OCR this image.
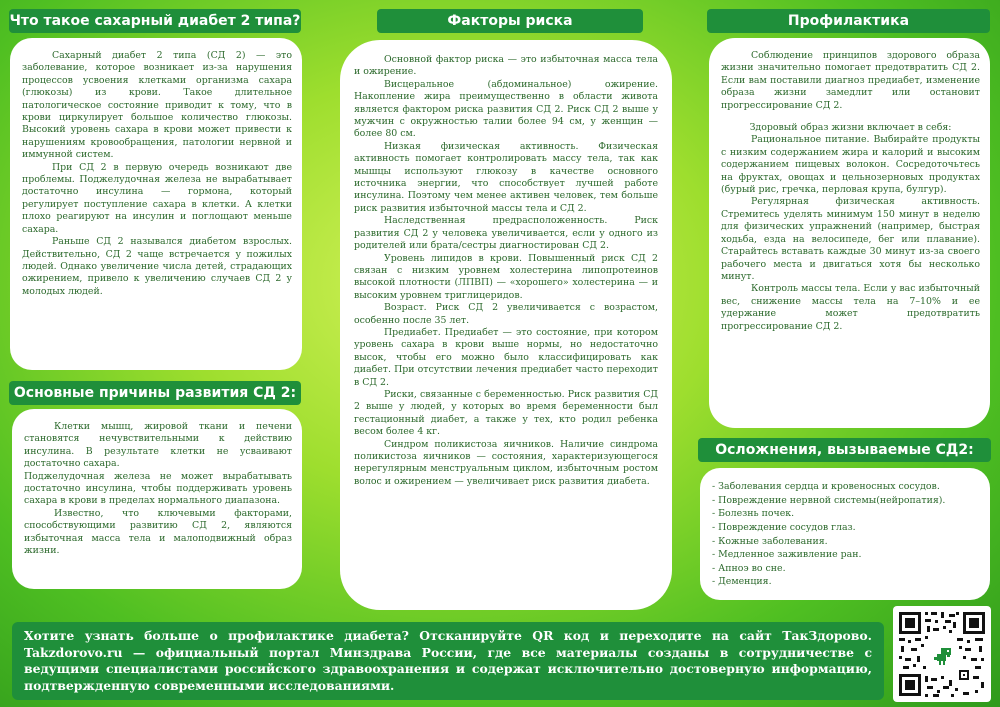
Что такое сахарный диабет 2 типа?

Сахарный диабет 2 типа (СД 2) — это заболевание, которое возникает из-за нарушения процессов усвоения клетками организма сахара (глюкозы) из крови. Такое длительное патологическое состояние приводит к тому, что в крови циркулирует большое количество глюкозы. Высокий уровень сахара в крови может привести к нарушениям кровообращения, патологии нервной и иммунной систем.

При СД 2 в первую очередь возникают две проблемы. Поджелудочная железа не вырабатывает достаточно инсулина — гормона, который регулирует поступление сахара в клетки. А клетки плохо реагируют на инсулин и поглощают меньше сахара.

Раньше СД 2 назывался диабетом взрослых. Действительно, СД 2 чаще встречается у пожилых людей. Однако увеличение числа детей, страдающих ожирением, привело к увеличению случаев СД 2 у молодых людей.

Основные причины развития СД 2:

Клетки мышц, жировой ткани и печени становятся нечувствительными к действию инсулина. В результате клетки не усваивают достаточно сахара.

Поджелудочная железа не может вырабатывать достаточно инсулина, чтобы поддерживать уровень сахара в крови в пределах нормального диапазона.

Известно, что ключевыми факторами, способствующими развитию СД 2, являются избыточная масса тела и малоподвижный образ жизни.

Факторы риска

Основной фактор риска — это избыточная масса тела и ожирение.

Висцеральное (абдоминальное) ожирение. Накопление жира преимущественно в области живота является фактором риска развития СД 2. Риск СД 2 выше у мужчин с окружностью талии более 94 см, у женщин — более 80 см.

Низкая физическая активность. Физическая активность помогает контролировать массу тела, так как мышцы используют глюкозу в качестве основного источника энергии, что способствует лучшей работе инсулина. Поэтому чем менее активен человек, тем больше риск развития избыточной массы тела и СД 2.

Наследственная предрасположенность. Риск развития СД 2 у человека увеличивается, если у одного из родителей или брата/сестры диагностирован СД 2.

Уровень липидов в крови. Повышенный риск СД 2 связан с низким уровнем холестерина липопротеинов высокой плотности (ЛПВП) — «хорошего» холестерина — и высоким уровнем триглицеридов.

Возраст. Риск СД 2 увеличивается с возрастом, особенно после 35 лет.

Предиабет. Предиабет — это состояние, при котором уровень сахара в крови выше нормы, но недостаточно высок, чтобы его можно было классифицировать как диабет. При отсутствии лечения предиабет часто переходит в СД 2.

Риски, связанные с беременностью. Риск развития СД 2 выше у людей, у которых во время беременности был гестационный диабет, а также у тех, кто родил ребенка весом более 4 кг.

Синдром поликистоза яичников. Наличие синдрома поликистоза яичников — состояния, характеризующегося нерегулярным менструальным циклом, избыточным ростом волос и ожирением — увеличивает риск развития диабета.

Профилактика

Соблюдение принципов здорового образа жизни значительно помогает предотвратить СД 2. Если вам поставили диагноз предиабет, изменение образа жизни замедлит или остановит прогрессирование СД 2.

Здоровый образ жизни включает в себя:

Рациональное питание. Выбирайте продукты с низким содержанием жира и калорий и высоким содержанием пищевых волокон. Сосредоточьтесь на фруктах, овощах и цельнозерновых продуктах (бурый рис, гречка, перловая крупа, булгур).

Регулярная физическая активность. Стремитесь уделять минимум 150 минут в неделю для физических упражнений (например, быстрая ходьба, езда на велосипеде, бег или плавание). Старайтесь вставать каждые 30 минут из-за своего рабочего места и двигаться хотя бы несколько минут.

Контроль массы тела. Если у вас избыточный вес, снижение массы тела на 7–10% и ее удержание может предотвратить прогрессирование СД 2.

Осложнения, вызываемые СД2:
- Заболевания сердца и кровеносных сосудов.
- Повреждение нервной системы(нейропатия).
- Болезнь почек.
- Повреждение сосудов глаз.
- Кожные заболевания.
- Медленное заживление ран.
- Апноэ во сне.
- Деменция.
Хотите узнать больше о профилактике диабета? Отсканируйте QR код и переходите на сайт ТакЗдорово. Takzdorovo.ru — официальный портал Минздрава России, где все материалы созданы в сотрудничестве с ведущими специалистами российского здравоохранения и содержат исключительно достоверную информацию, подтвержденную современными исследованиями.
